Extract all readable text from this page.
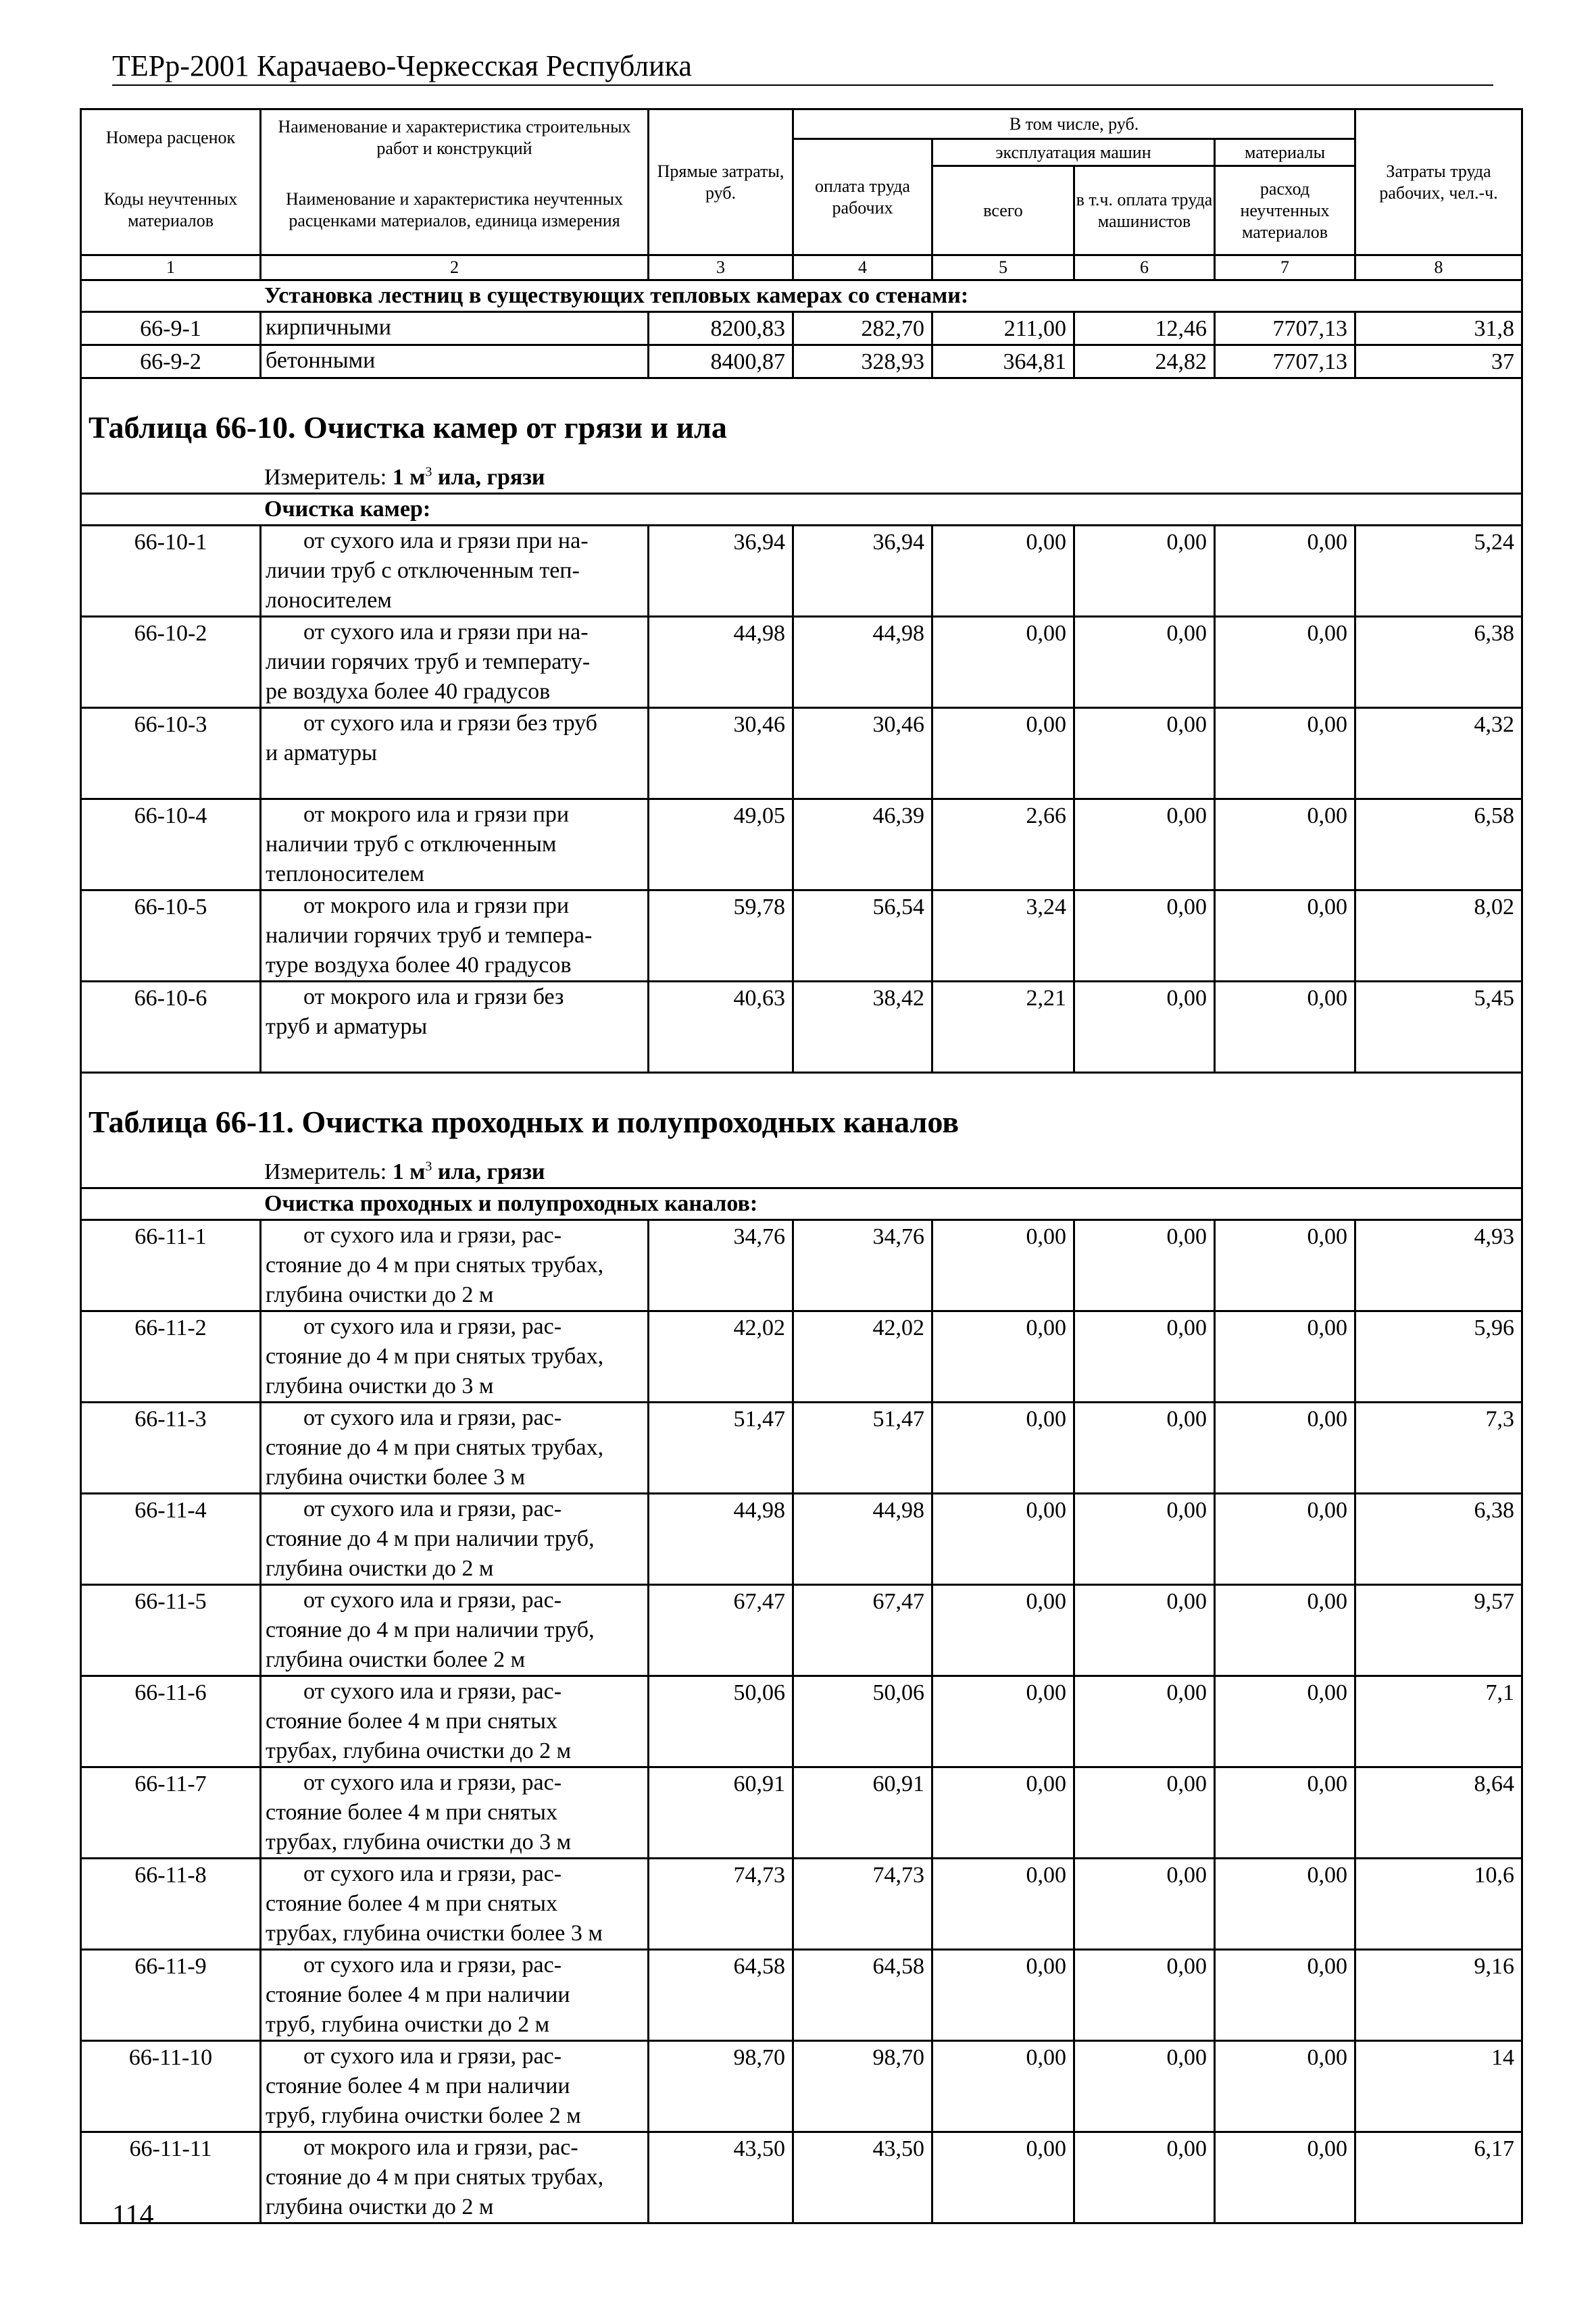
ТЕРр-2001 Карачаево-Черкесская Республика
Номера расценок	Наименование и характеристика строительных работ и конструкций	Прямые затраты, руб.	В том числе, руб.				Затраты труда рабочих, чел.-ч.
			оплата труда рабочих	эксплуатация машин		материалы	
Коды неучтенных материалов	Наименование и характеристика неучтенных расценками материалов, единица измерения			всего	в т.ч. оплата труда машинистов	расход неучтенных материалов	

1	2	3	4	5	6	7	8
Установка лестниц в существующих тепловых камерах со стенами:							
66-9-1	кирпичными	8200,83	282,70	211,00	12,46	7707,13	31,8
66-9-2	бетонными	8400,87	328,93	364,81	24,82	7707,13	37
Таблица 66-10. Очистка камер от грязи и ила							
Измеритель: 1 $м^3$ ила, грязи							
Очистка камер:							
66-10-1	от сухого ила и грязи при на-
личии труб с отключенным теп-
лоносителем	36,94	36,94	0,00	0,00	0,00	5,24
66-10-2	от сухого ила и грязи при на-
личии горячих труб и температу-
ре воздуха более 40 градусов	44,98	44,98	0,00	0,00	0,00	6,38
66-10-3	от сухого ила и грязи без труб
и арматуры	30,46	30,46	0,00	0,00	0,00	4,32
66-10-4	от мокрого ила и грязи при
наличии труб с отключенным
теплоносителем	49,05	46,39	2,66	0,00	0,00	6,58
66-10-5	от мокрого ила и грязи при
наличии горячих труб и темпера-
туре воздуха более 40 градусов	59,78	56,54	3,24	0,00	0,00	8,02
66-10-6	от мокрого ила и грязи без
труб и арматуры	40,63	38,42	2,21	0,00	0,00	5,45
Таблица 66-11. Очистка проходных и полупроходных каналов							
Измеритель: 1 $м^3$ ила, грязи							
Очистка проходных и полупроходных каналов:							
66-11-1	от сухого ила и грязи, рас-
стояние до 4 м при снятых трубах,
глубина очистки до 2 м	34,76	34,76	0,00	0,00	0,00	4,93
66-11-2	от сухого ила и грязи, рас-
стояние до 4 м при снятых трубах,
глубина очистки до 3 м	42,02	42,02	0,00	0,00	0,00	5,96
66-11-3	от сухого ила и грязи, рас-
стояние до 4 м при снятых трубах,
глубина очистки более 3 м	51,47	51,47	0,00	0,00	0,00	7,3
66-11-4	от сухого ила и грязи, рас-
стояние до 4 м при наличии труб,
глубина очистки до 2 м	44,98	44,98	0,00	0,00	0,00	6,38
66-11-5	от сухого ила и грязи, рас-
стояние до 4 м при наличии труб,
глубина очистки более 2 м	67,47	67,47	0,00	0,00	0,00	9,57
66-11-6	от сухого ила и грязи, рас-
стояние более 4 м при снятых
трубах, глубина очистки до 2 м	50,06	50,06	0,00	0,00	0,00	7,1
66-11-7	от сухого ила и грязи, рас-
стояние более 4 м при снятых
трубах, глубина очистки до 3 м	60,91	60,91	0,00	0,00	0,00	8,64
66-11-8	от сухого ила и грязи, рас-
стояние более 4 м при снятых
трубах, глубина очистки более 3 м	74,73	74,73	0,00	0,00	0,00	10,6
66-11-9	от сухого ила и грязи, рас-
стояние более 4 м при наличии
труб, глубина очистки до 2 м	64,58	64,58	0,00	0,00	0,00	9,16
66-11-10	от сухого ила и грязи, рас-
стояние более 4 м при наличии
труб, глубина очистки более 2 м	98,70	98,70	0,00	0,00	0,00	14
66-11-11	от мокрого ила и грязи, рас-
стояние до 4 м при снятых трубах,
глубина очистки до 2 м	43,50	43,50	0,00	0,00	0,00	6,17
114
